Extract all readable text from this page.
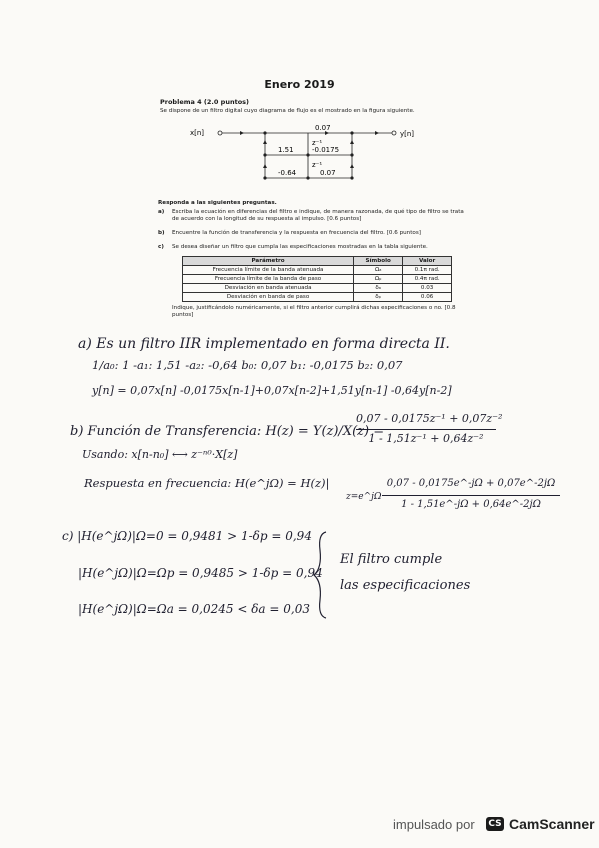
Enero 2019
Problema 4 (2.0 puntos)
Se dispone de un filtro digital cuyo diagrama de flujo es el mostrado en la figura siguiente.
x[n]
0.07
y[n]
z⁻¹
1.51	-0.0175
z⁻¹
-0.64	0.07
Responda a las siguientes preguntas.
a) Escriba la ecuación en diferencias del filtro e indique, de manera razonada, de qué tipo de filtro se trata de acuerdo con la longitud de su respuesta al impulso. [0.6 puntos]
b) Encuentre la función de transferencia y la respuesta en frecuencia del filtro. [0.6 puntos]
c) Se desea diseñar un filtro que cumpla las especificaciones mostradas en la tabla siguiente.
Parámetro	Símbolo	Valor
Frecuencia límite de la banda atenuada	Ωₐ	0.1π rad.
Frecuencia límite de la banda de paso	Ωₚ	0.4π rad.
Desviación en banda atenuada	δₐ	0.03
Desviación en banda de paso	δₚ	0.06
Indique, justificándolo numéricamente, si el filtro anterior cumplirá dichas especificaciones o no. [0.8 puntos]
a) Es un filtro IIR implementado en forma directa II.
1/a₀: 1 -a₁: 1,51 -a₂: -0,64 b₀: 0,07 b₁: -0,0175 b₂: 0,07
y[n] = 0,07x[n] -0,0175x[n-1]+0,07x[n-2]+1,51y[n-1] -0,64y[n-2]
b) Función de Transferencia: H(z) = Y(z)/X(z) =
0,07 - 0,0175z⁻¹ + 0,07z⁻²
1 - 1,51z⁻¹ + 0,64z⁻²
Usando: x[n-n₀] ⟷ z⁻ⁿ⁰·X[z]
Respuesta en frecuencia: H(e^jΩ) = H(z)|
z=e^jΩ
0,07 - 0,0175e^-jΩ + 0,07e^-2jΩ
1 - 1,51e^-jΩ + 0,64e^-2jΩ
c) |H(e^jΩ)|Ω=0 = 0,9481 > 1-δp = 0,94
|H(e^jΩ)|Ω=Ωp = 0,9485 > 1-δp = 0,94
|H(e^jΩ)|Ω=Ωa = 0,0245 < δa = 0,03
El filtro cumple
las especificaciones
impulsado por CS CamScanner
